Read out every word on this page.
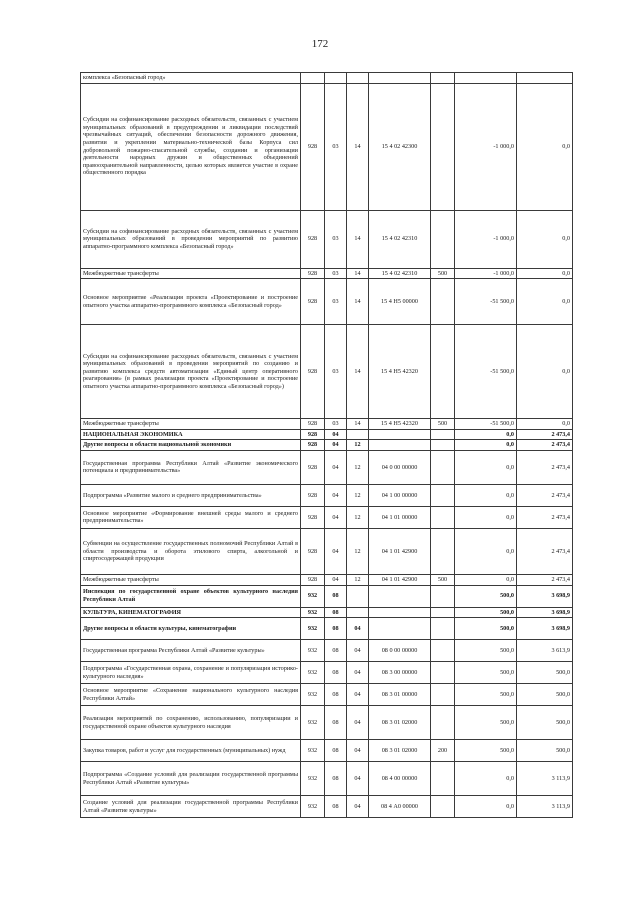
172
комплекса «Безопасный город»							
Субсидии на софинансирование расходных обязательств, связанных с участием муниципальных образований в предупреждении и ликвидации последствий чрезвычайных ситуаций, обеспечении безопасности дорожного движения, развитии и укреплении материально-технической базы Корпуса сил добровольной пожарно-спасательной службы, создании и организации деятельности народных дружин и общественных объединений правоохранительной направленности, целью которых является участие в охране общественного порядка	928	03	14	15 4 02 42300		-1 000,0	0,0
Субсидии на софинансирование расходных обязательств, связанных с участием муниципальных образований в проведении мероприятий по развитию аппаратно-программного комплекса «Безопасный город»	928	03	14	15 4 02 42310		-1 000,0	0,0
Межбюджетные трансферты	928	03	14	15 4 02 42310	500	-1 000,0	0,0
Основное мероприятие «Реализация проекта «Проектирование и построение опытного участка аппаратно-программного комплекса «Безопасный город»	928	03	14	15 4 Н5 00000		-51 500,0	0,0
Субсидии на софинансирование расходных обязательств, связанных с участием муниципальных образований в проведении мероприятий по созданию и развитию комплекса средств автоматизации «Единый центр оперативного реагирования» (в рамках реализации проекта «Проектирование и построение опытного участка аппаратно-программного комплекса «Безопасный город»)	928	03	14	15 4 Н5 42320		-51 500,0	0,0
Межбюджетные трансферты	928	03	14	15 4 Н5 42320	500	-51 500,0	0,0
НАЦИОНАЛЬНАЯ ЭКОНОМИКА	928	04				0,0	2 473,4
Другие вопросы в области национальной экономики	928	04	12			0,0	2 473,4
Государственная программа Республики Алтай «Развитие экономического потенциала и предпринимательства»	928	04	12	04 0 00 00000		0,0	2 473,4
Подпрограмма «Развитие малого и среднего предпринимательства»	928	04	12	04 1 00 00000		0,0	2 473,4
Основное мероприятие «Формирование внешней среды малого и среднего предпринимательства»	928	04	12	04 1 01 00000		0,0	2 473,4
Субвенции на осуществление государственных полномочий Республики Алтай в области производства и оборота этилового спирта, алкогольной и спиртосодержащей продукции	928	04	12	04 1 01 42900		0,0	2 473,4
Межбюджетные трансферты	928	04	12	04 1 01 42900	500	0,0	2 473,4
Инспекция по государственной охране объектов культурного наследия Республики Алтай	932	08				500,0	3 698,9
КУЛЬТУРА, КИНЕМАТОГРАФИЯ	932	08				500,0	3 698,9
Другие вопросы в области культуры, кинематографии	932	08	04			500,0	3 698,9
Государственная программа Республики Алтай «Развитие культуры»	932	08	04	08 0 00 00000		500,0	3 613,9
Подпрограмма «Государственная охрана, сохранение и популяризация историко-культурного наследия»	932	08	04	08 3 00 00000		500,0	500,0
Основное мероприятие «Сохранение национального культурного наследия Республики Алтай»	932	08	04	08 3 01 00000		500,0	500,0
Реализация мероприятий по сохранению, использованию, популяризации и государственной охране объектов культурного наследия	932	08	04	08 3 01 02000		500,0	500,0
Закупка товаров, работ и услуг для государственных (муниципальных) нужд	932	08	04	08 3 01 02000	200	500,0	500,0
Подпрограмма «Создание условий для реализации государственной программы Республики Алтай «Развитие культуры»	932	08	04	08 4 00 00000		0,0	3 113,9
Создание условий для реализации государственной программы Республики Алтай «Развитие культуры»	932	08	04	08 4 А0 00000		0,0	3 113,9
